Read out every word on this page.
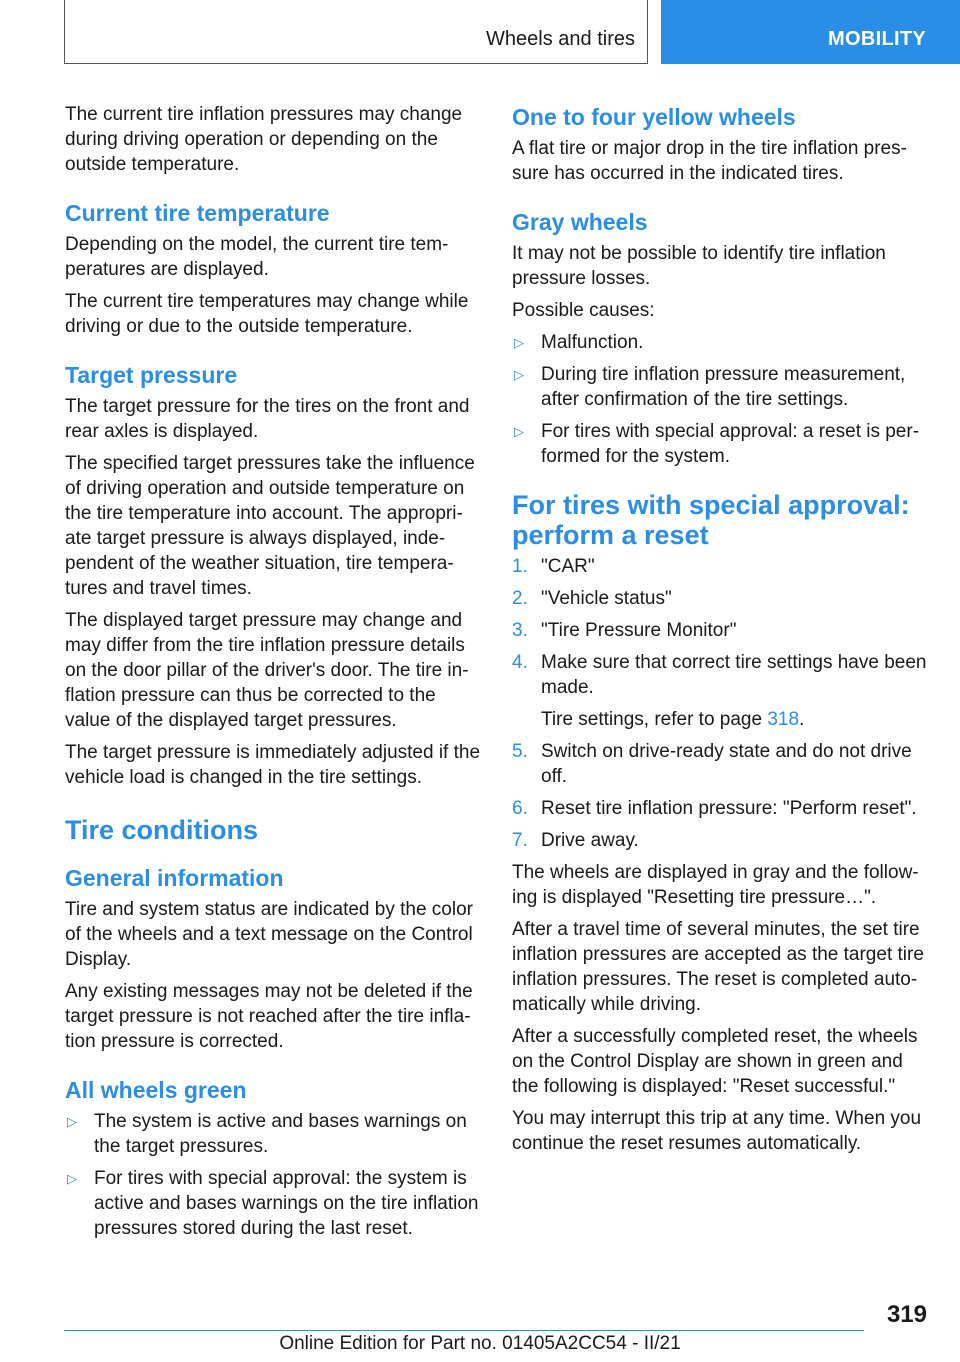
Wheels and tires	MOBILITY

The current tire inflation pressures may change during driving operation or depending on the outside temperature.

Current tire temperature

Depending on the model, the current tire tem-peratures are displayed.

The current tire temperatures may change while driving or due to the outside temperature.

Target pressure

The target pressure for the tires on the front and rear axles is displayed.

The specified target pressures take the influence of driving operation and outside temperature on the tire temperature into account. The appropri-ate target pressure is always displayed, inde-pendent of the weather situation, tire tempera-tures and travel times.

The displayed target pressure may change and may differ from the tire inflation pressure details on the door pillar of the driver's door. The tire in-flation pressure can thus be corrected to the value of the displayed target pressures.

The target pressure is immediately adjusted if the vehicle load is changed in the tire settings.

Tire conditions
General information

Tire and system status are indicated by the color of the wheels and a text message on the Control Display.

Any existing messages may not be deleted if the target pressure is not reached after the tire infla-tion pressure is corrected.

All wheels green
▷ The system is active and bases warnings on the target pressures.
▷ For tires with special approval: the system is active and bases warnings on the tire inflation pressures stored during the last reset.
One to four yellow wheels

A flat tire or major drop in the tire inflation pres-sure has occurred in the indicated tires.

Gray wheels

It may not be possible to identify tire inflation pressure losses.

Possible causes:

▷ Malfunction.
▷ During tire inflation pressure measurement, after confirmation of the tire settings.
▷ For tires with special approval: a reset is per-formed for the system.
For tires with special approval: perform a reset
1. "CAR"
2. "Vehicle status"
3. "Tire Pressure Monitor"
4. Make sure that correct tire settings have been made.
Tire settings, refer to page 318.
5. Switch on drive-ready state and do not drive off.
6. Reset tire inflation pressure: "Perform reset".
7. Drive away.

The wheels are displayed in gray and the follow-ing is displayed "Resetting tire pressure…".

After a travel time of several minutes, the set tire inflation pressures are accepted as the target tire inflation pressures. The reset is completed auto-matically while driving.

After a successfully completed reset, the wheels on the Control Display are shown in green and the following is displayed: "Reset successful."

You may interrupt this trip at any time. When you continue the reset resumes automatically.

319
Online Edition for Part no. 01405A2CC54 - II/21
